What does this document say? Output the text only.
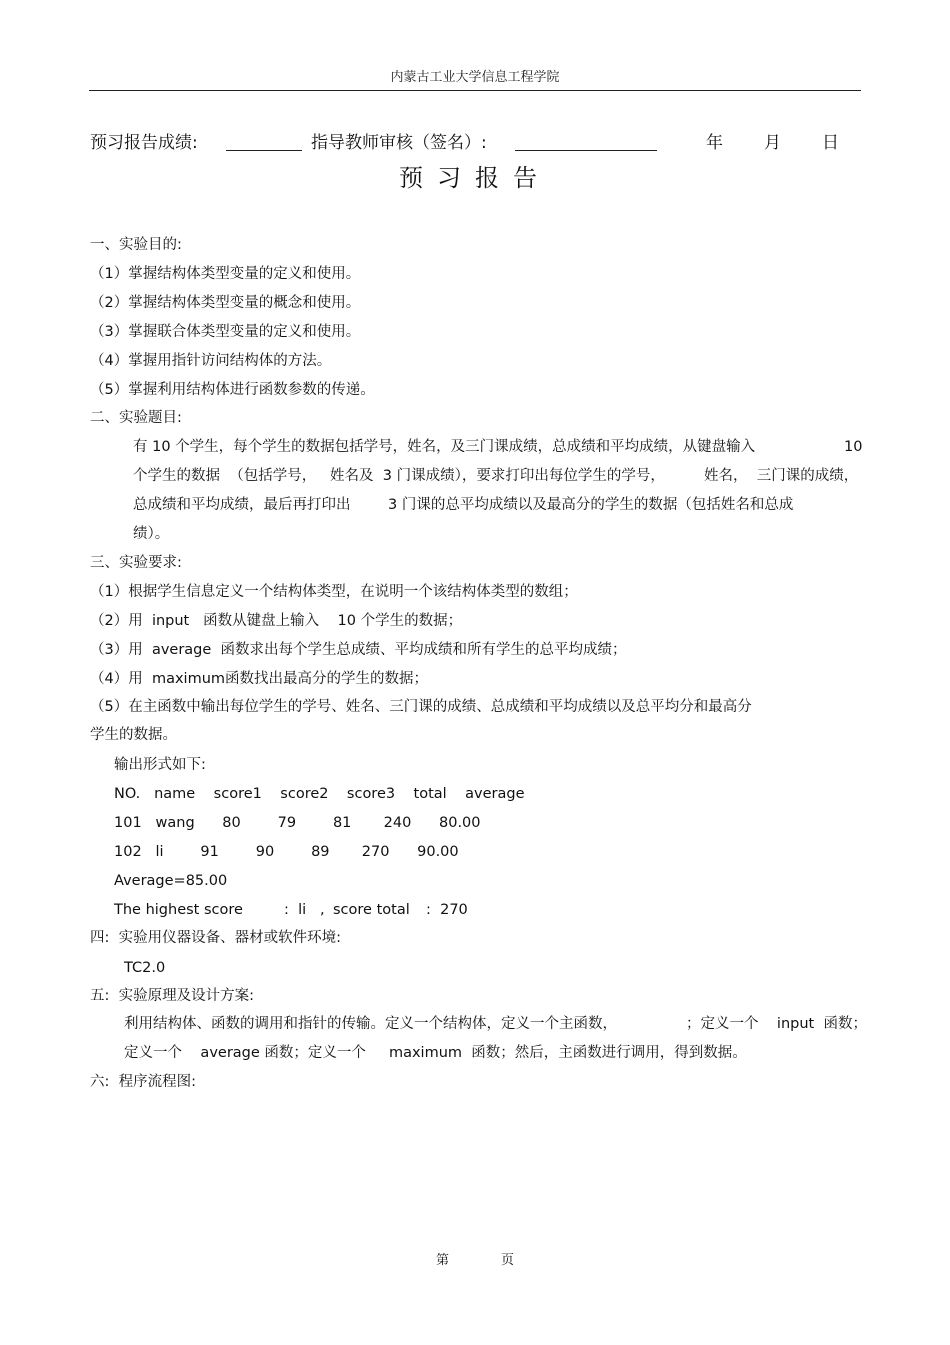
内蒙古工业大学信息工程学院
预习报告成绩:	指导教师审核（签名）:	年 月 日
预习报告
一、实验目的:
（1）掌握结构体类型变量的定义和使用。
（2）掌握结构体类型变量的概念和使用。
（3）掌握联合体类型变量的定义和使用。
（4）掌握用指针访问结构体的方法。
（5）掌握利用结构体进行函数参数的传递。
二、实验题目:
有 10 个学生，每个学生的数据包括学号，姓名，及三门课成绩，总成绩和平均成绩，从键盘输入	10
个学生的数据  （包括学号，   姓名及  3 门课成绩），要求打印出每位学生的学号，	姓名，  三门课的成绩，
总成绩和平均成绩，最后再打印出	3 门课的总平均成绩以及最高分的学生的数据（包括姓名和总成
绩）。
三、实验要求:
（1）根据学生信息定义一个结构体类型，在说明一个该结构体类型的数组；
（2）用  input   函数从键盘上输入    10 个学生的数据；
（3）用  average  函数求出每个学生总成绩、平均成绩和所有学生的总平均成绩；
（4）用  maximum函数找出最高分的学生的数据；
（5）在主函数中输出每位学生的学号、姓名、三门课的成绩、总成绩和平均成绩以及总平均分和最高分
学生的数据。
输出形式如下:
NO.   name    score1    score2    score3    total    average
101   wang      80        79        81       240      80.00
102   li        91        90        89       270      90.00
Average=85.00
The highest score	:  li   , score total :  270
四:  实验用仪器设备、器材或软件环境:
TC2.0
五:  实验原理及设计方案:
利用结构体、函数的调用和指针的传输。定义一个结构体，定义一个主函数，	；定义一个    input  函数；
定义一个    average 函数；定义一个     maximum  函数；然后，主函数进行调用，得到数据。
六:  程序流程图:
第	页
